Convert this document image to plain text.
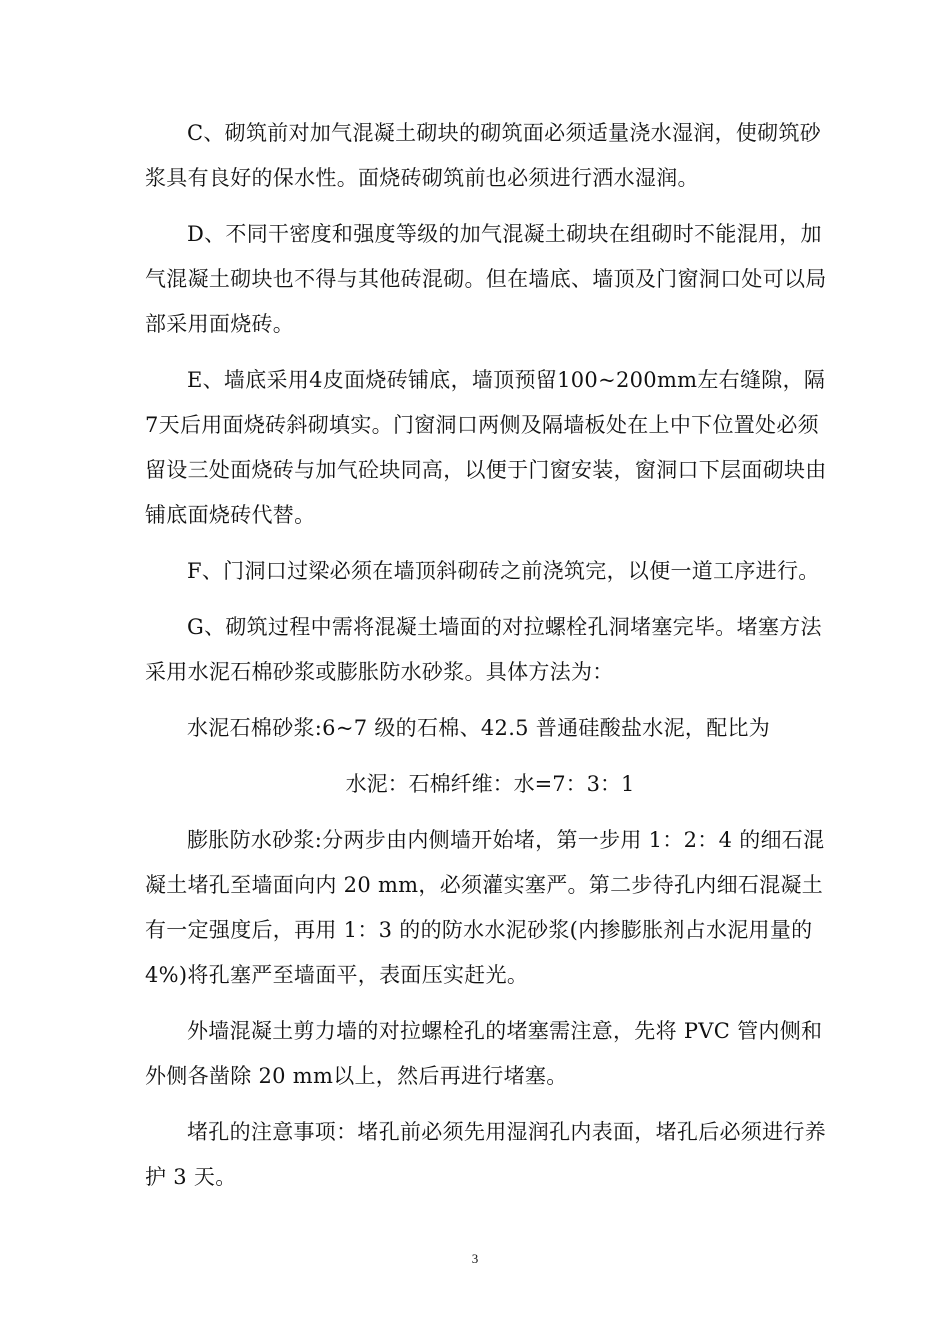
C、砌筑前对加气混凝土砌块的砌筑面必须适量浇水湿润，使砌筑砂浆具有良好的保水性。面烧砖砌筑前也必须进行洒水湿润。

D、不同干密度和强度等级的加气混凝土砌块在组砌时不能混用，加气混凝土砌块也不得与其他砖混砌。但在墙底、墙顶及门窗洞口处可以局部采用面烧砖。

E、墙底采用4皮面烧砖铺底，墙顶预留100~200mm左右缝隙，隔7天后用面烧砖斜砌填实。门窗洞口两侧及隔墙板处在上中下位置处必须留设三处面烧砖与加气砼块同高，以便于门窗安装，窗洞口下层面砌块由铺底面烧砖代替。

F、门洞口过梁必须在墙顶斜砌砖之前浇筑完，以便一道工序进行。

G、砌筑过程中需将混凝土墙面的对拉螺栓孔洞堵塞完毕。堵塞方法采用水泥石棉砂浆或膨胀防水砂浆。具体方法为：

水泥石棉砂浆:6~7 级的石棉、42.5 普通硅酸盐水泥，配比为

水泥：石棉纤维：水=7：3：1

膨胀防水砂浆:分两步由内侧墙开始堵，第一步用 1：2：4 的细石混凝土堵孔至墙面向内 20 mm，必须灌实塞严。第二步待孔内细石混凝土有一定强度后，再用 1：3 的的防水水泥砂浆(内掺膨胀剂占水泥用量的 4%)将孔塞严至墙面平，表面压实赶光。

外墙混凝土剪力墙的对拉螺栓孔的堵塞需注意，先将 PVC 管内侧和外侧各凿除 20 mm以上，然后再进行堵塞。

堵孔的注意事项：堵孔前必须先用湿润孔内表面，堵孔后必须进行养护 3 天。

3
